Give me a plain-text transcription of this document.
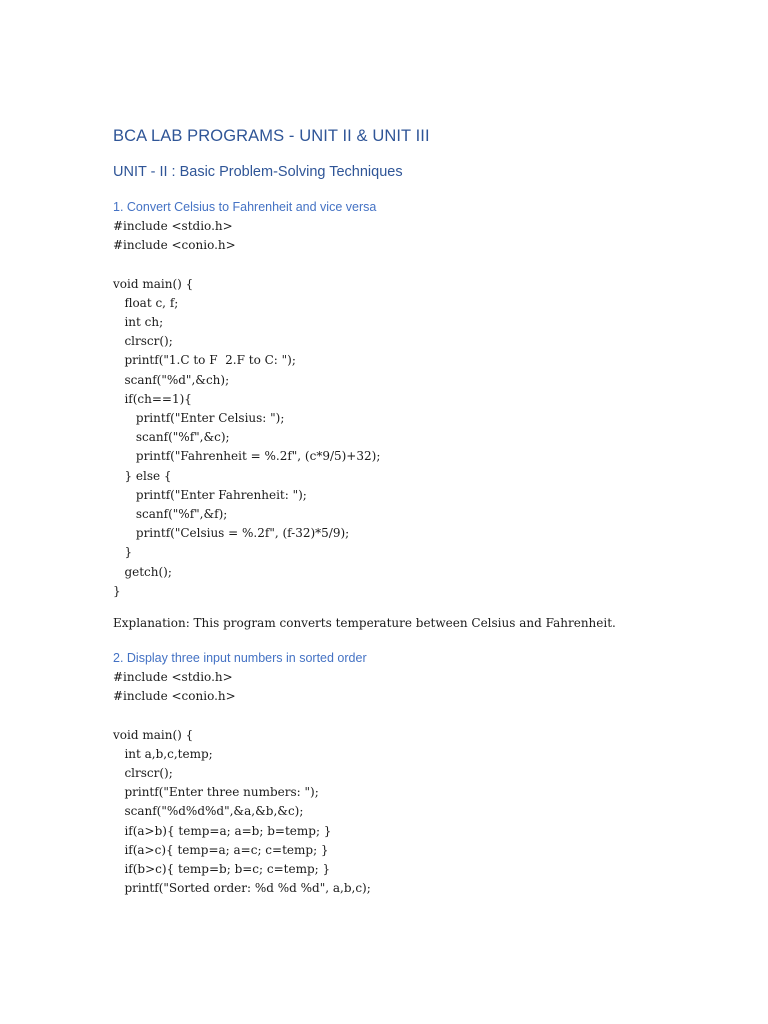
BCA LAB PROGRAMS - UNIT II & UNIT III
UNIT - II : Basic Problem-Solving Techniques
1. Convert Celsius to Fahrenheit and vice versa
#include <stdio.h>
#include <conio.h>

void main() {
float c, f;
int ch;
clrscr();
printf("1.C to F  2.F to C: ");
scanf("%d",&ch);
if(ch==1){
printf("Enter Celsius: ");
scanf("%f",&c);
printf("Fahrenheit = %.2f", (c*9/5)+32);
} else {
printf("Enter Fahrenheit: ");
scanf("%f",&f);
printf("Celsius = %.2f", (f-32)*5/9);
}
getch();
}

Explanation: This program converts temperature between Celsius and Fahrenheit.

2. Display three input numbers in sorted order
#include <stdio.h>
#include <conio.h>

void main() {
int a,b,c,temp;
clrscr();
printf("Enter three numbers: ");
scanf("%d%d%d",&a,&b,&c);
if(a>b){ temp=a; a=b; b=temp; }
if(a>c){ temp=a; a=c; c=temp; }
if(b>c){ temp=b; b=c; c=temp; }
printf("Sorted order: %d %d %d", a,b,c);
